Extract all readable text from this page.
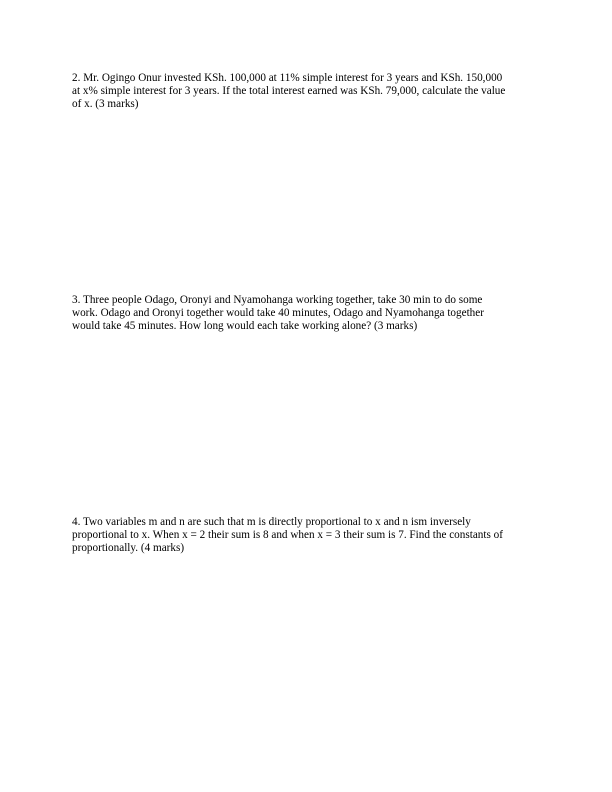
2. Mr. Ogingo Onur invested KSh. 100,000 at 11% simple interest for 3 years and KSh. 150,000
at x% simple interest for 3 years. If the total interest earned was KSh. 79,000, calculate the value
of x. (3 marks)

3. Three people Odago, Oronyi and Nyamohanga working together, take 30 min to do some
work. Odago and Oronyi together would take 40 minutes, Odago and Nyamohanga together
would take 45 minutes. How long would each take working alone? (3 marks)

4. Two variables m and n are such that m is directly proportional to x and n ism inversely
proportional to x. When x = 2 their sum is 8 and when x = 3 their sum is 7. Find the constants of
proportionally. (4 marks)
